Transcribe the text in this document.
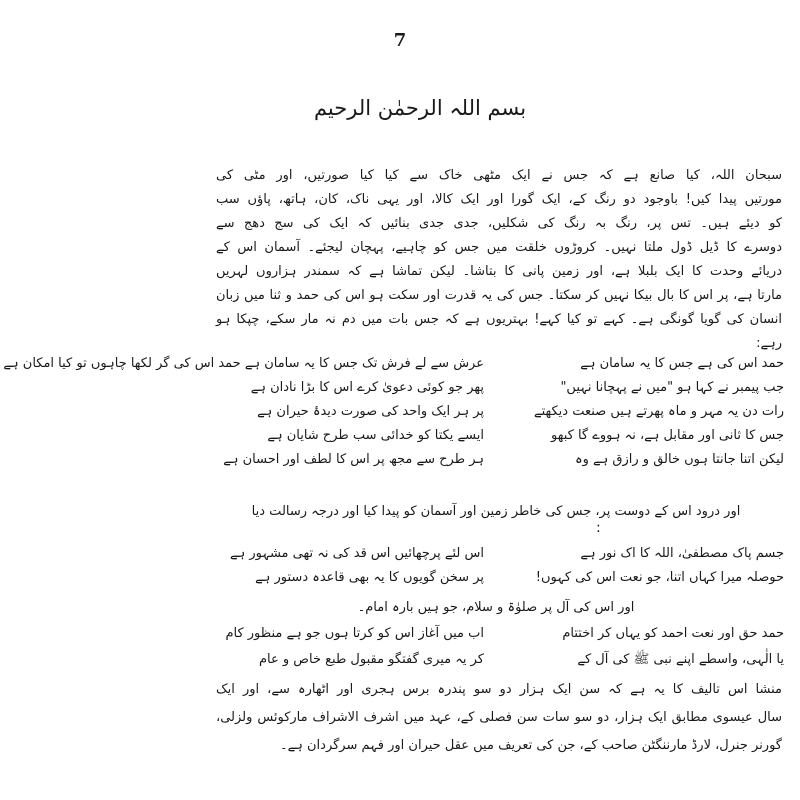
7
بسم اللہ الرحمٰن الرحیم
سبحان اللہ، کیا صانع ہے کہ جس نے ایک مٹھی خاک سے کیا کیا صورتیں، اور مٹی کی
مورتیں پیدا کیں! باوجود دو رنگ کے، ایک گورا اور ایک کالا، اور یہی ناک، کان، ہاتھ، پاؤں سب
کو دیئے ہیں۔ تس پر، رنگ بہ رنگ کی شکلیں، جدی جدی بنائیں کہ ایک کی سج دھج سے
دوسرے کا ڈیل ڈول ملتا نہیں۔ کروڑوں خلقت میں جس کو چاہیے، پہچان لیجئے۔ آسمان اس کے
دریائے وحدت کا ایک بلبلا ہے، اور زمین پانی کا بتاشا۔ لیکن تماشا ہے کہ سمندر ہزاروں لہریں
مارتا ہے، پر اس کا بال بیکا نہیں کر سکتا۔ جس کی یہ قدرت اور سکت ہو اس کی حمد و ثنا میں زبان
انسان کی گویا گونگی ہے۔ کہے تو کیا کہے! بہتریوں ہے کہ جس بات میں دم نہ مار سکے، چپکا ہو
رہے:
حمد اس کی ہے جس کا یہ سامان ہے
عرش سے لے فرش تک جس کا یہ سامان ہے حمد اس کی گر لکھا چاہوں تو کیا امکان ہے
جب پیمبر نے کہا ہو "میں نے پہچانا نہیں"
پھر جو کوئی دعویٰ کرے اس کا بڑا نادان ہے
رات دن یہ مہر و ماہ پھرتے ہیں صنعت دیکھتے
پر ہر ایک واحد کی صورت دیدۂ حیران ہے
جس کا ثانی اور مقابل ہے، نہ ہووے گا کبھو
ایسے یکتا کو خدائی سب طرح شایان ہے
لیکن اتنا جانتا ہوں خالق و رازق ہے وہ
ہر طرح سے مجھ پر اس کا لطف اور احسان ہے
اور درود اس کے دوست پر، جس کی خاطر زمین اور آسمان کو پیدا کیا اور درجہ رسالت دیا
:
جسم پاک مصطفیٰ، اللہ کا اک نور ہے
اس لئے پرچھائیں اس قد کی نہ تھی مشہور ہے
حوصلہ میرا کہاں اتنا، جو نعت اس کی کہوں!
پر سخن گویوں کا یہ بھی قاعدہ دستور ہے
اور اس کی آل پر صلوٰۃ و سلام، جو ہیں بارہ امام۔
حمد حق اور نعت احمد کو یہاں کر اختتام
اب میں آغاز اس کو کرتا ہوں جو ہے منظور کام
یا الٰہی، واسطے اپنے نبی ﷺ کی آل کے
کر یہ میری گفتگو مقبول طبع خاص و عام
منشا اس تالیف کا یہ ہے کہ سن ایک ہزار دو سو پندرہ برس ہجری اور اٹھارہ سے، اور ایک
سال عیسوی مطابق ایک ہزار، دو سو سات سن فصلی کے، عہد میں اشرف الاشراف مارکوئس ولزلی،
گورنر جنرل، لارڈ مارننگٹن صاحب کے، جن کی تعریف میں عقل حیران اور فہم سرگردان ہے۔
